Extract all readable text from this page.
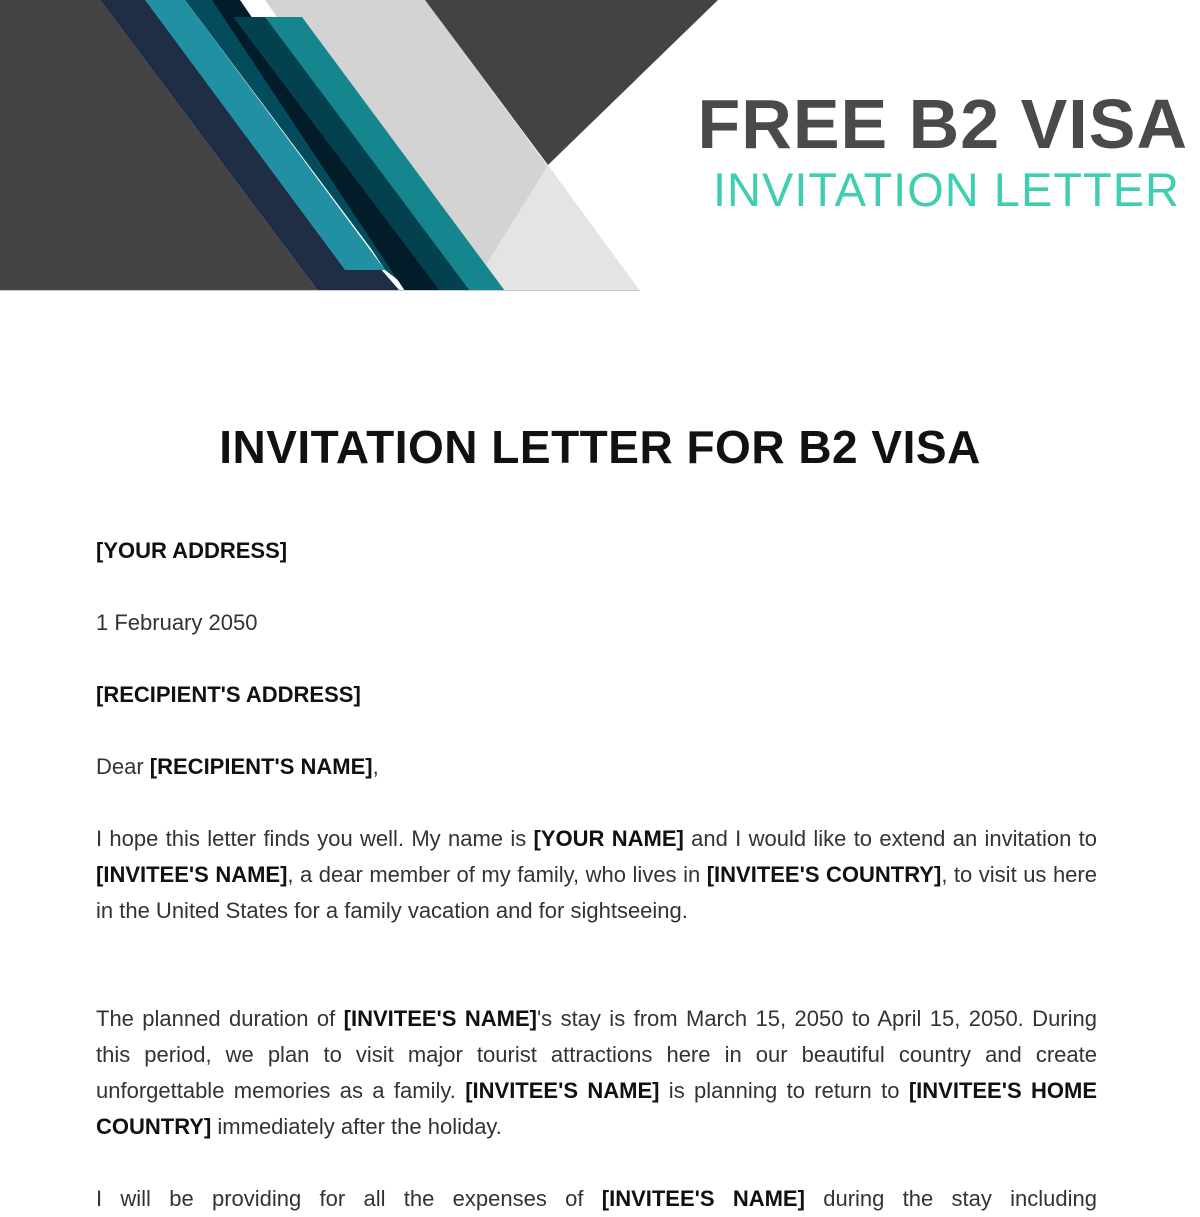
FREE B2 VISA
INVITATION LETTER
INVITATION LETTER FOR B2 VISA
[YOUR ADDRESS]
1 February 2050
[RECIPIENT'S ADDRESS]
Dear [RECIPIENT'S NAME],
I hope this letter finds you well. My name is [YOUR NAME] and I would like to extend an invitation to [INVITEE'S NAME], a dear member of my family, who lives in [INVITEE'S COUNTRY], to visit us here in the United States for a family vacation and for sightseeing.
The planned duration of [INVITEE'S NAME]'s stay is from March 15, 2050 to April 15, 2050. During this period, we plan to visit major tourist attractions here in our beautiful country and create unforgettable memories as a family. [INVITEE'S NAME] is planning to return to [INVITEE'S HOME COUNTRY] immediately after the holiday.
I will be providing for all the expenses of [INVITEE'S NAME] during the stay including
